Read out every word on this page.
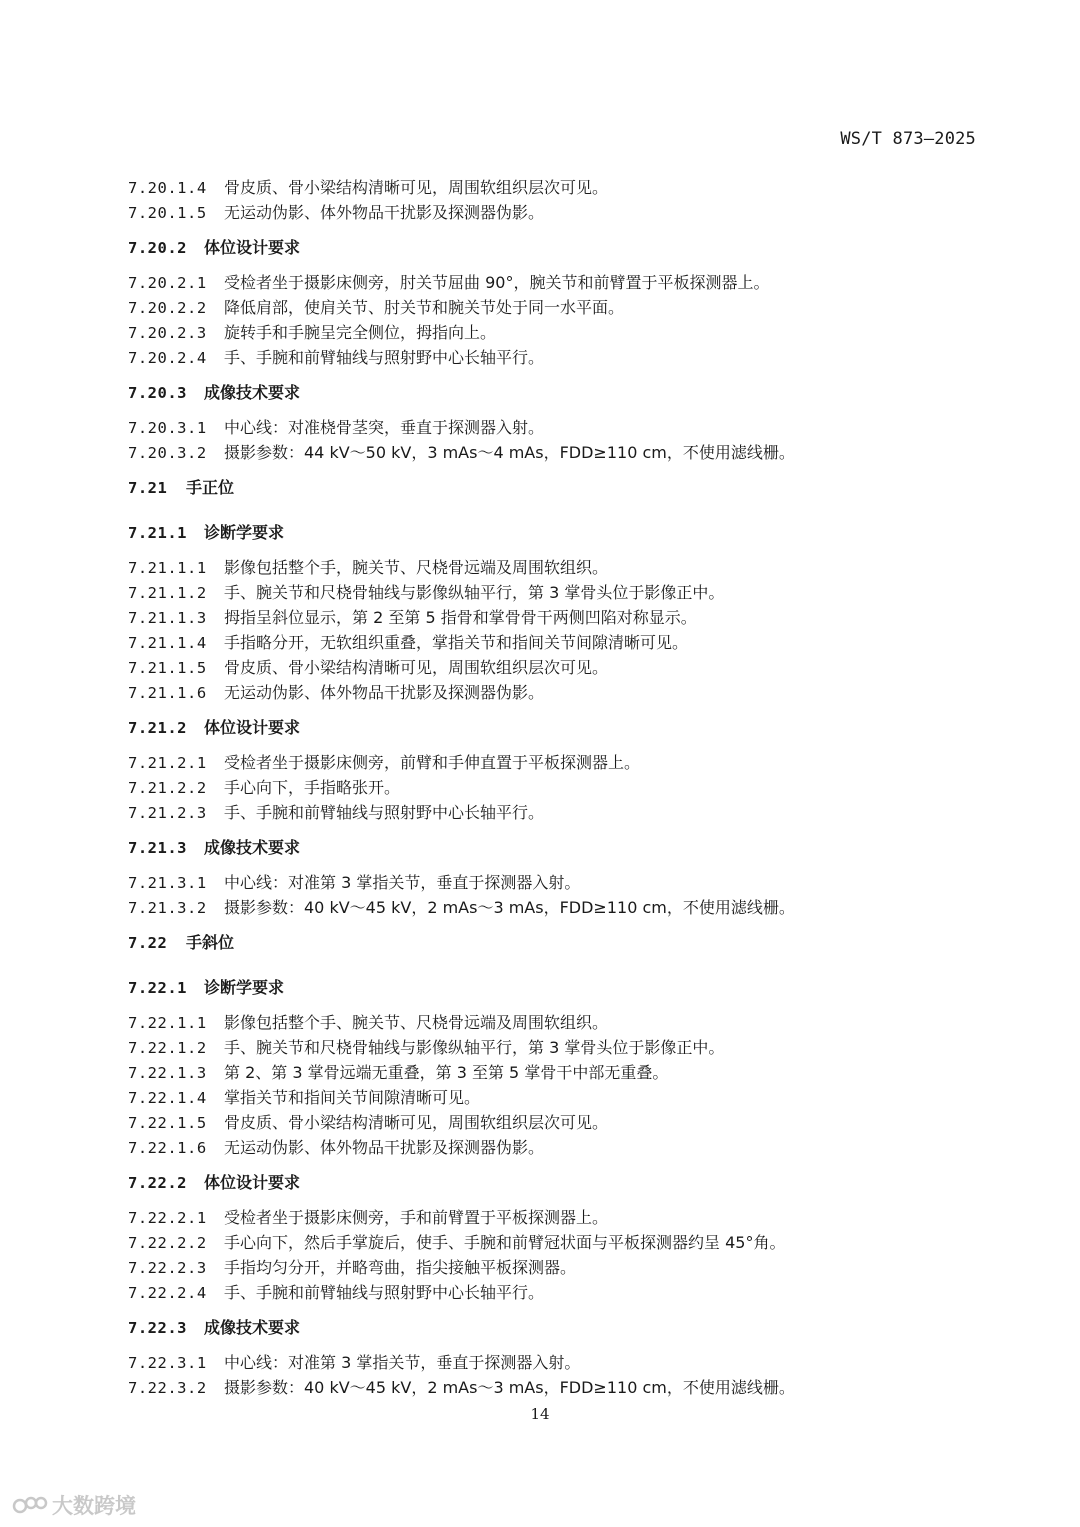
WS/T 873—2025
7.20.1.4 骨皮质、骨小梁结构清晰可见，周围软组织层次可见。
7.20.1.5 无运动伪影、体外物品干扰影及探测器伪影。
7.20.2 体位设计要求
7.20.2.1 受检者坐于摄影床侧旁，肘关节屈曲 90°，腕关节和前臂置于平板探测器上。
7.20.2.2 降低肩部，使肩关节、肘关节和腕关节处于同一水平面。
7.20.2.3 旋转手和手腕呈完全侧位，拇指向上。
7.20.2.4 手、手腕和前臂轴线与照射野中心长轴平行。
7.20.3 成像技术要求
7.20.3.1 中心线：对准桡骨茎突，垂直于探测器入射。
7.20.3.2 摄影参数：44 kV～50 kV，3 mAs～4 mAs，FDD≥110 cm，不使用滤线栅。
7.21 手正位
7.21.1 诊断学要求
7.21.1.1 影像包括整个手，腕关节、尺桡骨远端及周围软组织。
7.21.1.2 手、腕关节和尺桡骨轴线与影像纵轴平行，第 3 掌骨头位于影像正中。
7.21.1.3 拇指呈斜位显示，第 2 至第 5 指骨和掌骨骨干两侧凹陷对称显示。
7.21.1.4 手指略分开，无软组织重叠，掌指关节和指间关节间隙清晰可见。
7.21.1.5 骨皮质、骨小梁结构清晰可见，周围软组织层次可见。
7.21.1.6 无运动伪影、体外物品干扰影及探测器伪影。
7.21.2 体位设计要求
7.21.2.1 受检者坐于摄影床侧旁，前臂和手伸直置于平板探测器上。
7.21.2.2 手心向下，手指略张开。
7.21.2.3 手、手腕和前臂轴线与照射野中心长轴平行。
7.21.3 成像技术要求
7.21.3.1 中心线：对准第 3 掌指关节，垂直于探测器入射。
7.21.3.2 摄影参数：40 kV～45 kV，2 mAs～3 mAs，FDD≥110 cm，不使用滤线栅。
7.22 手斜位
7.22.1 诊断学要求
7.22.1.1 影像包括整个手、腕关节、尺桡骨远端及周围软组织。
7.22.1.2 手、腕关节和尺桡骨轴线与影像纵轴平行，第 3 掌骨头位于影像正中。
7.22.1.3 第 2、第 3 掌骨远端无重叠，第 3 至第 5 掌骨干中部无重叠。
7.22.1.4 掌指关节和指间关节间隙清晰可见。
7.22.1.5 骨皮质、骨小梁结构清晰可见，周围软组织层次可见。
7.22.1.6 无运动伪影、体外物品干扰影及探测器伪影。
7.22.2 体位设计要求
7.22.2.1 受检者坐于摄影床侧旁，手和前臂置于平板探测器上。
7.22.2.2 手心向下，然后手掌旋后，使手、手腕和前臂冠状面与平板探测器约呈 45°角。
7.22.2.3 手指均匀分开，并略弯曲，指尖接触平板探测器。
7.22.2.4 手、手腕和前臂轴线与照射野中心长轴平行。
7.22.3 成像技术要求
7.22.3.1 中心线：对准第 3 掌指关节，垂直于探测器入射。
7.22.3.2 摄影参数：40 kV～45 kV，2 mAs～3 mAs，FDD≥110 cm，不使用滤线栅。
14
大数跨境
